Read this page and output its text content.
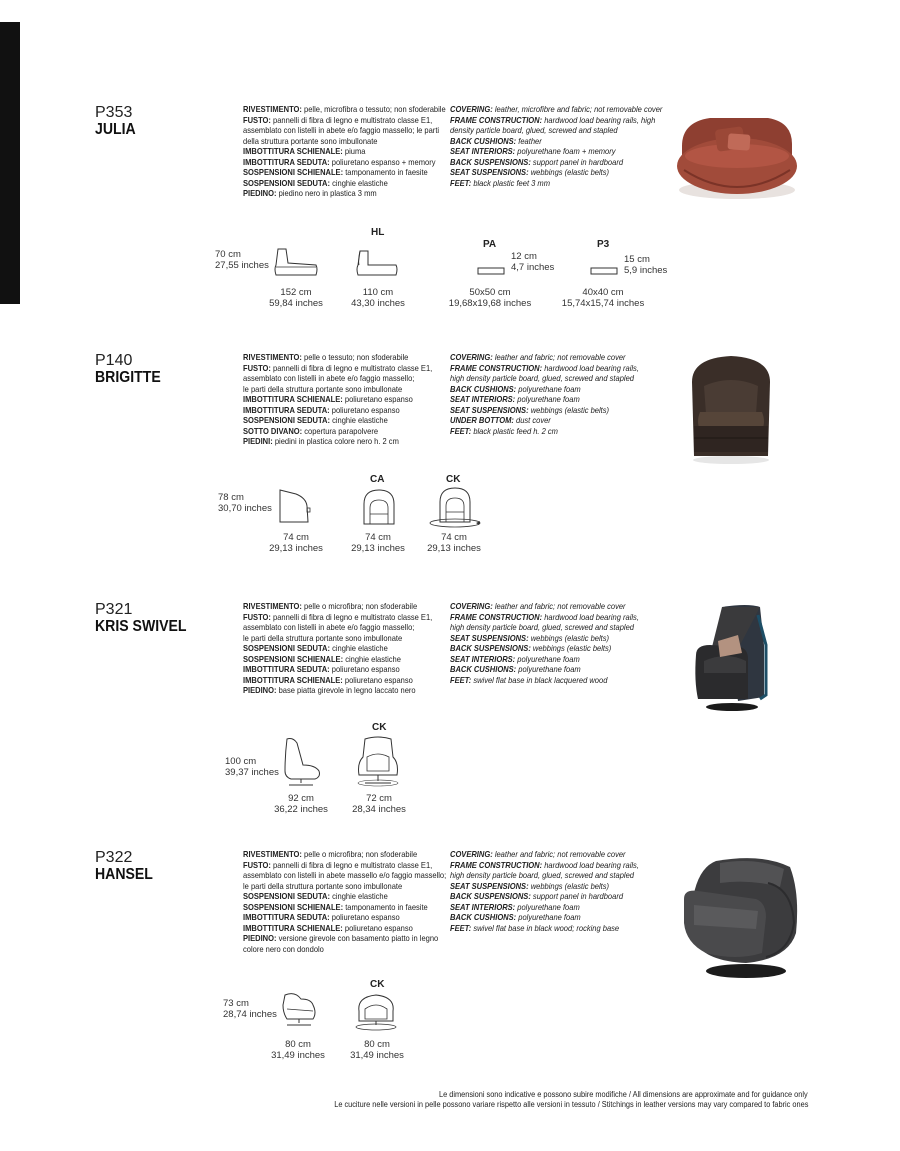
P353
JULIA

RIVESTIMENTO: pelle, microfibra o tessuto; non sfoderabile

FUSTO: pannelli di fibra di legno e multistrato classe E1,

assemblato con listelli in abete e/o faggio massello; le parti

della struttura portante sono imbullonate

IMBOTTITURA SCHIENALE: piuma

IMBOTTITURA SEDUTA: poliuretano espanso + memory

SOSPENSIONI SCHIENALE: tamponamento in faesite

SOSPENSIONI SEDUTA: cinghie elastiche

PIEDINO: piedino nero in plastica 3 mm

COVERING: leather, microfibre and fabric; not removable cover

FRAME CONSTRUCTION: hardwood load bearing rails, high

density particle board, glued, screwed and stapled

BACK CUSHIONS: feather

SEAT INTERIORS: polyurethane foam + memory

BACK SUSPENSIONS: support panel in hardboard

SEAT SUSPENSIONS: webbings (elastic belts)

FEET: black plastic feet 3 mm

70 cm
27,55 inches
152 cm
59,84 inches
HL
110 cm
43,30 inches
PA
12 cm
4,7 inches
50x50 cm
19,68x19,68 inches
P3
15 cm
5,9 inches
40x40 cm
15,74x15,74 inches
P140
BRIGITTE

RIVESTIMENTO: pelle o tessuto; non sfoderabile

FUSTO: pannelli di fibra di legno e multistrato classe E1,

assemblato con listelli in abete e/o faggio massello;

le parti della struttura portante sono imbullonate

IMBOTTITURA SCHIENALE: poliuretano espanso

IMBOTTITURA SEDUTA: poliuretano espanso

SOSPENSIONI SEDUTA: cinghie elastiche

SOTTO DIVANO: copertura parapolvere

PIEDINI: piedini in plastica colore nero h. 2 cm

COVERING: leather and fabric; not removable cover

FRAME CONSTRUCTION: hardwood load bearing rails,

high density particle board, glued, screwed and stapled

BACK CUSHIONS: polyurethane foam

SEAT INTERIORS: polyurethane foam

SEAT SUSPENSIONS: webbings (elastic belts)

UNDER BOTTOM: dust cover

FEET: black plastic feed h. 2 cm

78 cm
30,70 inches
74 cm
29,13 inches
CA
74 cm
29,13 inches
CK
74 cm
29,13 inches
P321
KRIS SWIVEL

RIVESTIMENTO: pelle o microfibra; non sfoderabile

FUSTO: pannelli di fibra di legno e multistrato classe E1,

assemblato con listelli in abete e/o faggio massello;

le parti della struttura portante sono imbullonate

SOSPENSIONI SEDUTA: cinghie elastiche

SOSPENSIONI SCHIENALE: cinghie elastiche

IMBOTTITURA SEDUTA: poliuretano espanso

IMBOTTITURA SCHIENALE: poliuretano espanso

PIEDINO: base piatta girevole in legno laccato nero

COVERING: leather and fabric; not removable cover

FRAME CONSTRUCTION: hardwood load bearing rails,

high density particle board, glued, screwed and stapled

SEAT SUSPENSIONS: webbings (elastic belts)

BACK SUSPENSIONS: webbings (elastic belts)

SEAT INTERIORS: polyurethane foam

BACK CUSHIONS: polyurethane foam

FEET: swivel flat base in black lacquered wood

100 cm
39,37 inches
92 cm
36,22 inches
CK
72 cm
28,34 inches
P322
HANSEL

RIVESTIMENTO: pelle o microfibra; non sfoderabile

FUSTO: pannelli di fibra di legno e multistrato classe E1,

assemblato con listelli in abete massello e/o faggio massello;

le parti della struttura portante sono imbullonate

SOSPENSIONI SEDUTA: cinghie elastiche

SOSPENSIONI SCHIENALE: tamponamento in faesite

IMBOTTITURA SEDUTA: poliuretano espanso

IMBOTTITURA SCHIENALE: poliuretano espanso

PIEDINO: versione girevole con basamento piatto in legno

colore nero con dondolo

COVERING: leather and fabric; not removable cover

FRAME CONSTRUCTION: hardwood load bearing rails,

high density particle board, glued, screwed and stapled

SEAT SUSPENSIONS: webbings (elastic belts)

BACK SUSPENSIONS: support panel in hardboard

SEAT INTERIORS: polyurethane foam

BACK CUSHIONS: polyurethane foam

FEET: swivel flat base in black wood; rocking base

73 cm
28,74 inches
80 cm
31,49 inches
CK
80 cm
31,49 inches
Le dimensioni sono indicative e possono subire modifiche / All dimensions are approximate and for guidance only
Le cuciture nelle versioni in pelle possono variare rispetto alle versioni in tessuto / Stitchings in leather versions may vary compared to fabric ones
